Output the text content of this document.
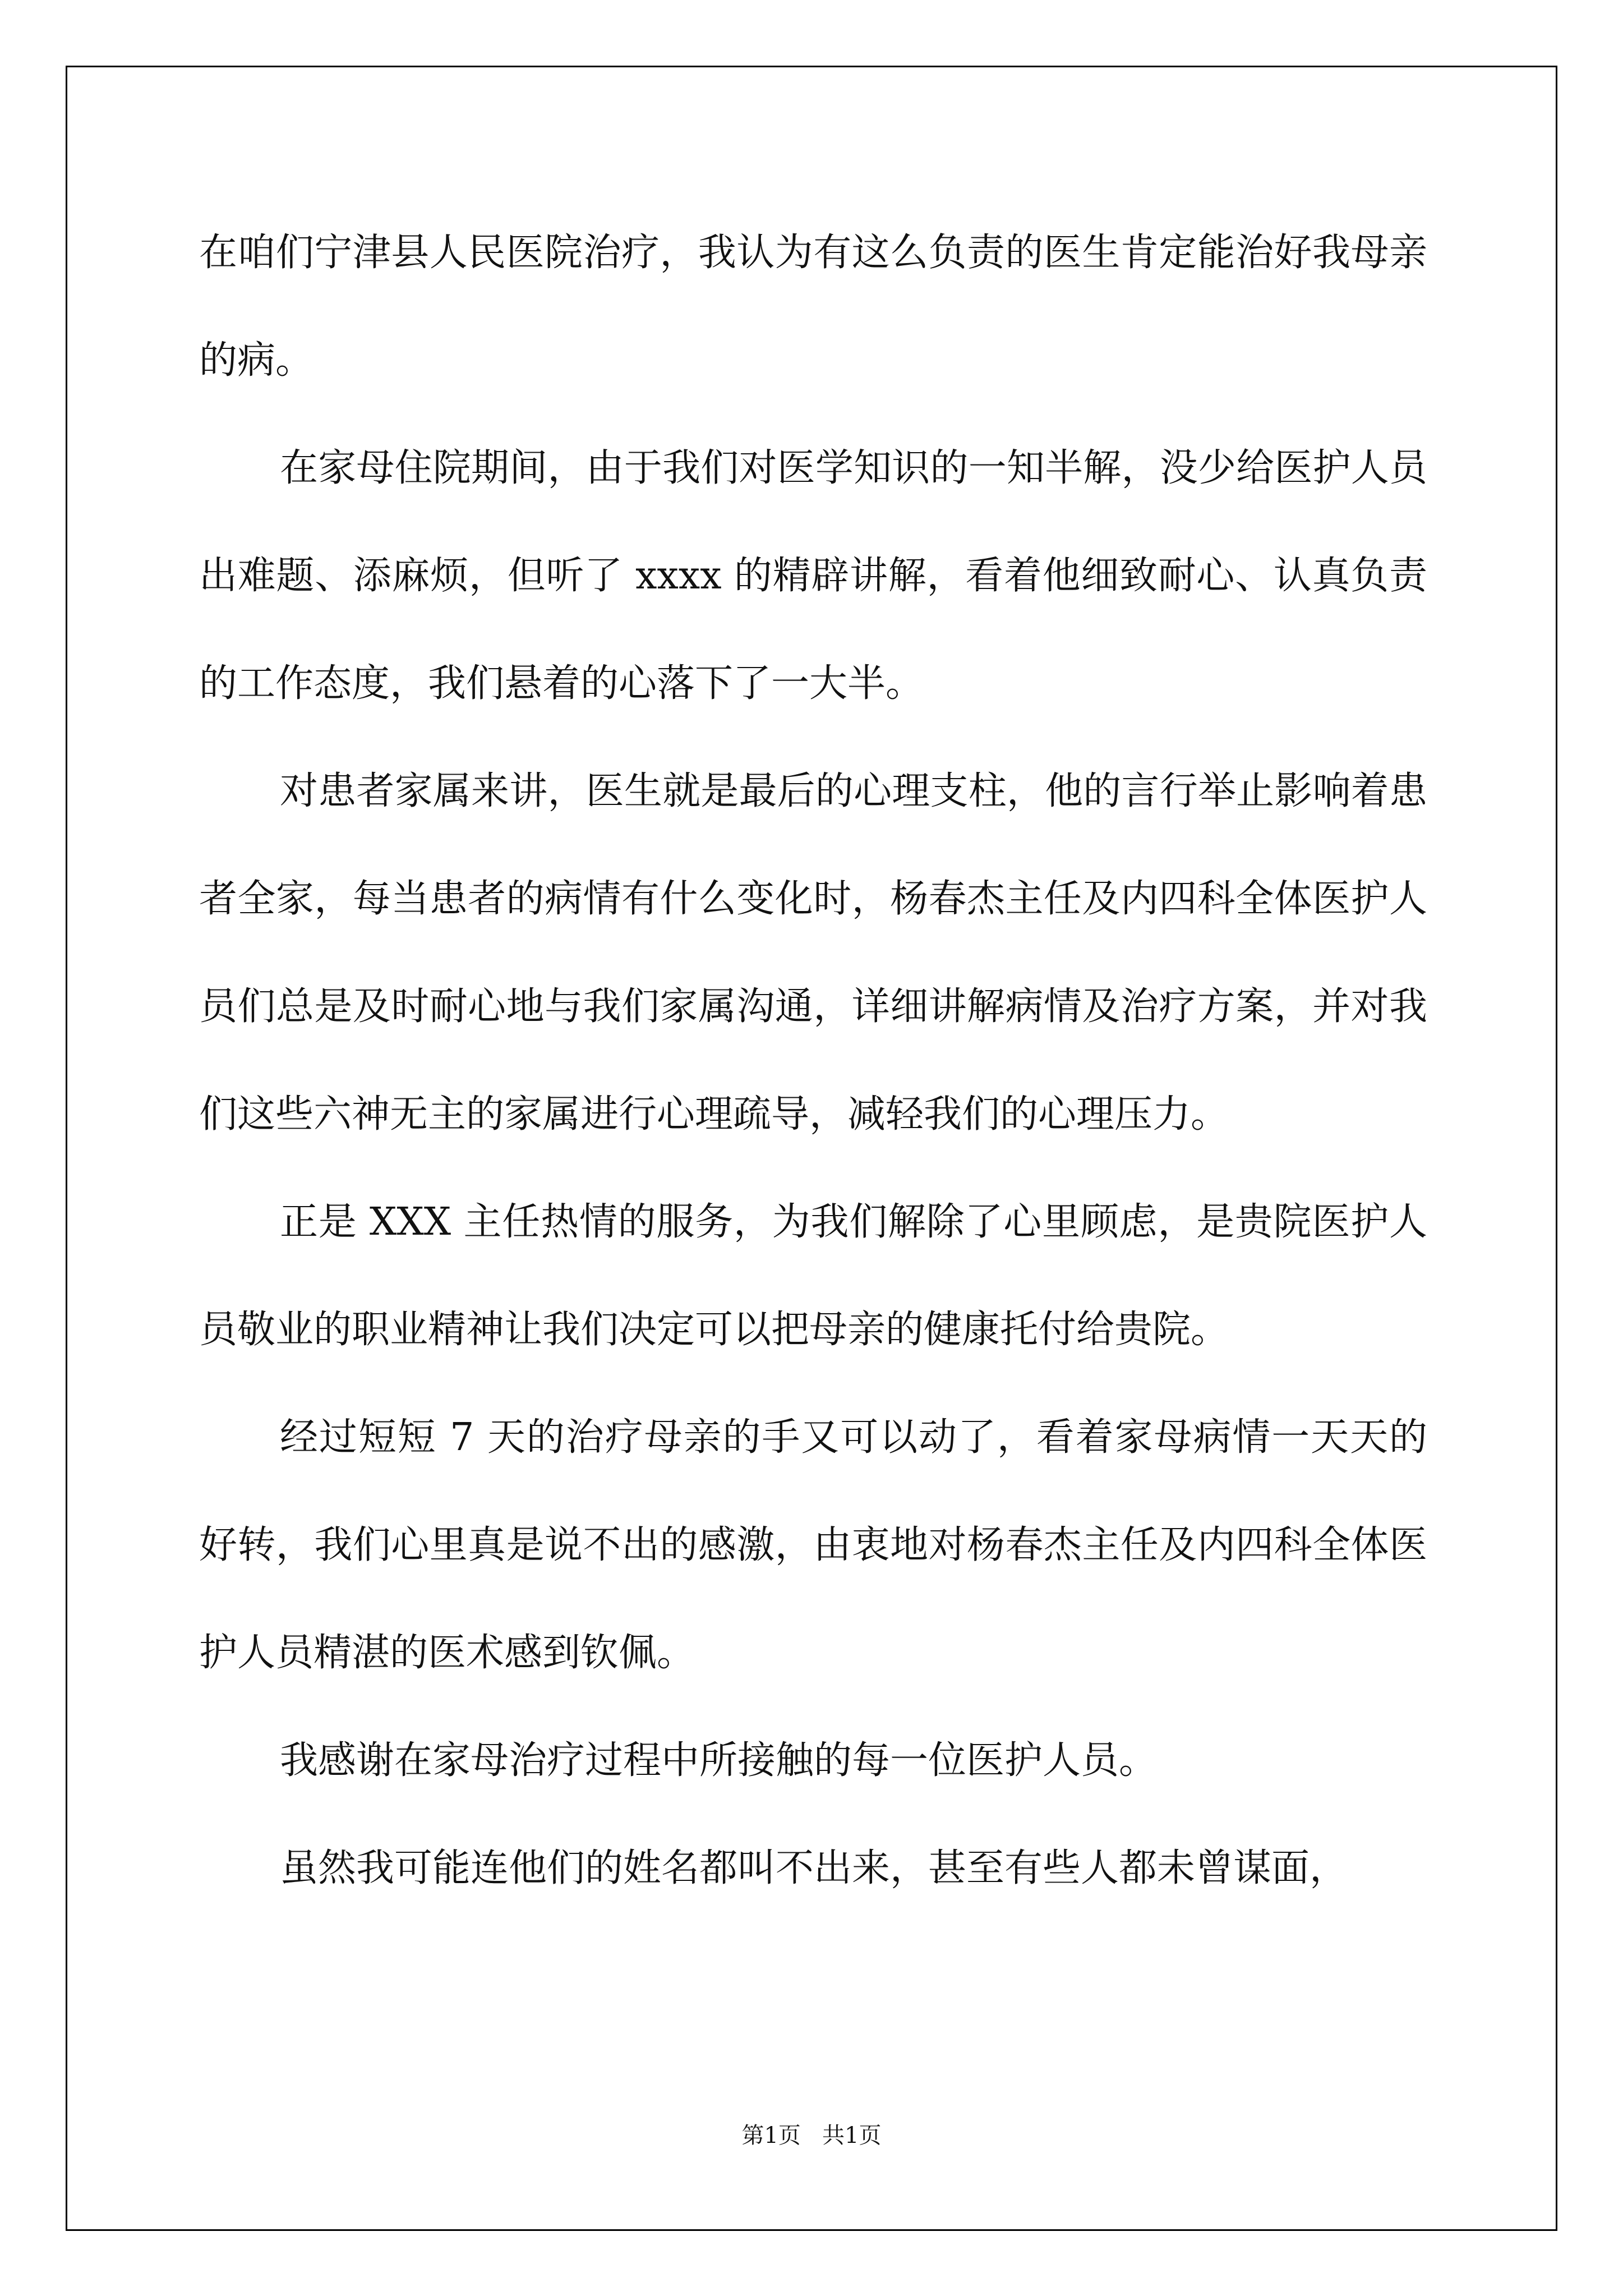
在咱们宁津县人民医院治疗，我认为有这么负责的医生肯定能治好我母亲的病。

在家母住院期间，由于我们对医学知识的一知半解，没少给医护人员出难题、添麻烦，但听了 xxxx 的精辟讲解，看着他细致耐心、认真负责的工作态度，我们悬着的心落下了一大半。

对患者家属来讲，医生就是最后的心理支柱，他的言行举止影响着患者全家，每当患者的病情有什么变化时，杨春杰主任及内四科全体医护人员们总是及时耐心地与我们家属沟通，详细讲解病情及治疗方案，并对我们这些六神无主的家属进行心理疏导，减轻我们的心理压力。

正是 XXX 主任热情的服务，为我们解除了心里顾虑，是贵院医护人员敬业的职业精神让我们决定可以把母亲的健康托付给贵院。

经过短短 7 天的治疗母亲的手又可以动了，看着家母病情一天天的好转，我们心里真是说不出的感激，由衷地对杨春杰主任及内四科全体医护人员精湛的医术感到钦佩。

我感谢在家母治疗过程中所接触的每一位医护人员。

虽然我可能连他们的姓名都叫不出来，甚至有些人都未曾谋面，

第1页   共1页
